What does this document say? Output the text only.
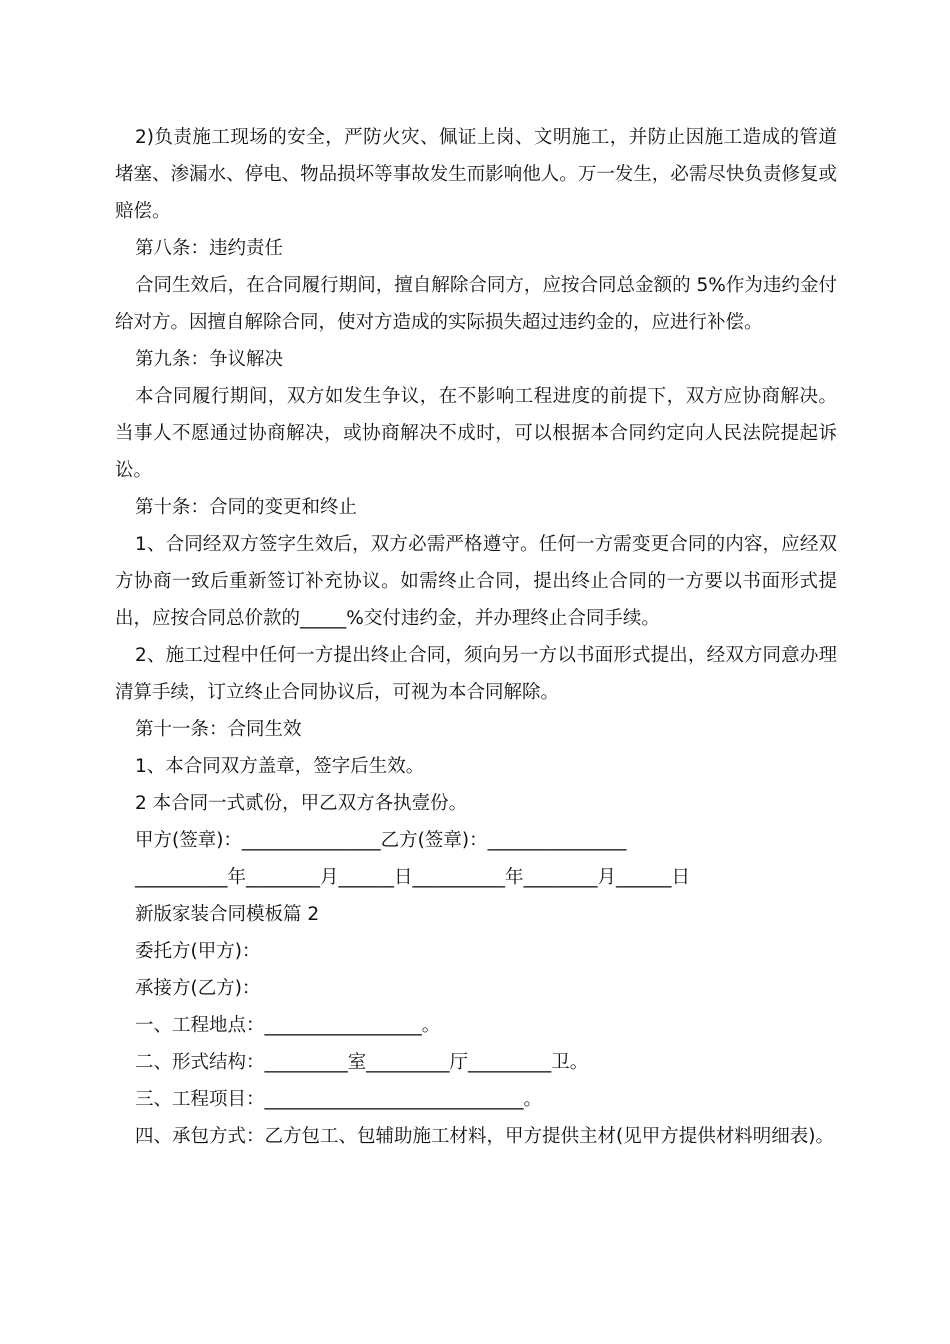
2)负责施工现场的安全，严防火灾、佩证上岗、文明施工，并防止因施工造成的管道堵塞、渗漏水、停电、物品损坏等事故发生而影响他人。万一发生，必需尽快负责修复或赔偿。

第八条：违约责任

合同生效后，在合同履行期间，擅自解除合同方，应按合同总金额的 5%作为违约金付给对方。因擅自解除合同，使对方造成的实际损失超过违约金的，应进行补偿。

第九条：争议解决

本合同履行期间，双方如发生争议，在不影响工程进度的前提下，双方应协商解决。当事人不愿通过协商解决，或协商解决不成时，可以根据本合同约定向人民法院提起诉讼。

第十条：合同的变更和终止

1、合同经双方签字生效后，双方必需严格遵守。任何一方需变更合同的内容，应经双方协商一致后重新签订补充协议。如需终止合同，提出终止合同的一方要以书面形式提出，应按合同总价款的_____%交付违约金，并办理终止合同手续。

2、施工过程中任何一方提出终止合同，须向另一方以书面形式提出，经双方同意办理清算手续，订立终止合同协议后，可视为本合同解除。

第十一条：合同生效

1、本合同双方盖章，签字后生效。

2 本合同一式贰份，甲乙双方各执壹份。

甲方(签章)：_______________乙方(签章)：_______________

__________年________月______日__________年________月______日

新版家装合同模板篇 2

委托方(甲方)：

承接方(乙方)：

一、工程地点：_________________。

二、形式结构：_________室_________厅_________卫。

三、工程项目：____________________________。

四、承包方式：乙方包工、包辅助施工材料，甲方提供主材(见甲方提供材料明细表)。
